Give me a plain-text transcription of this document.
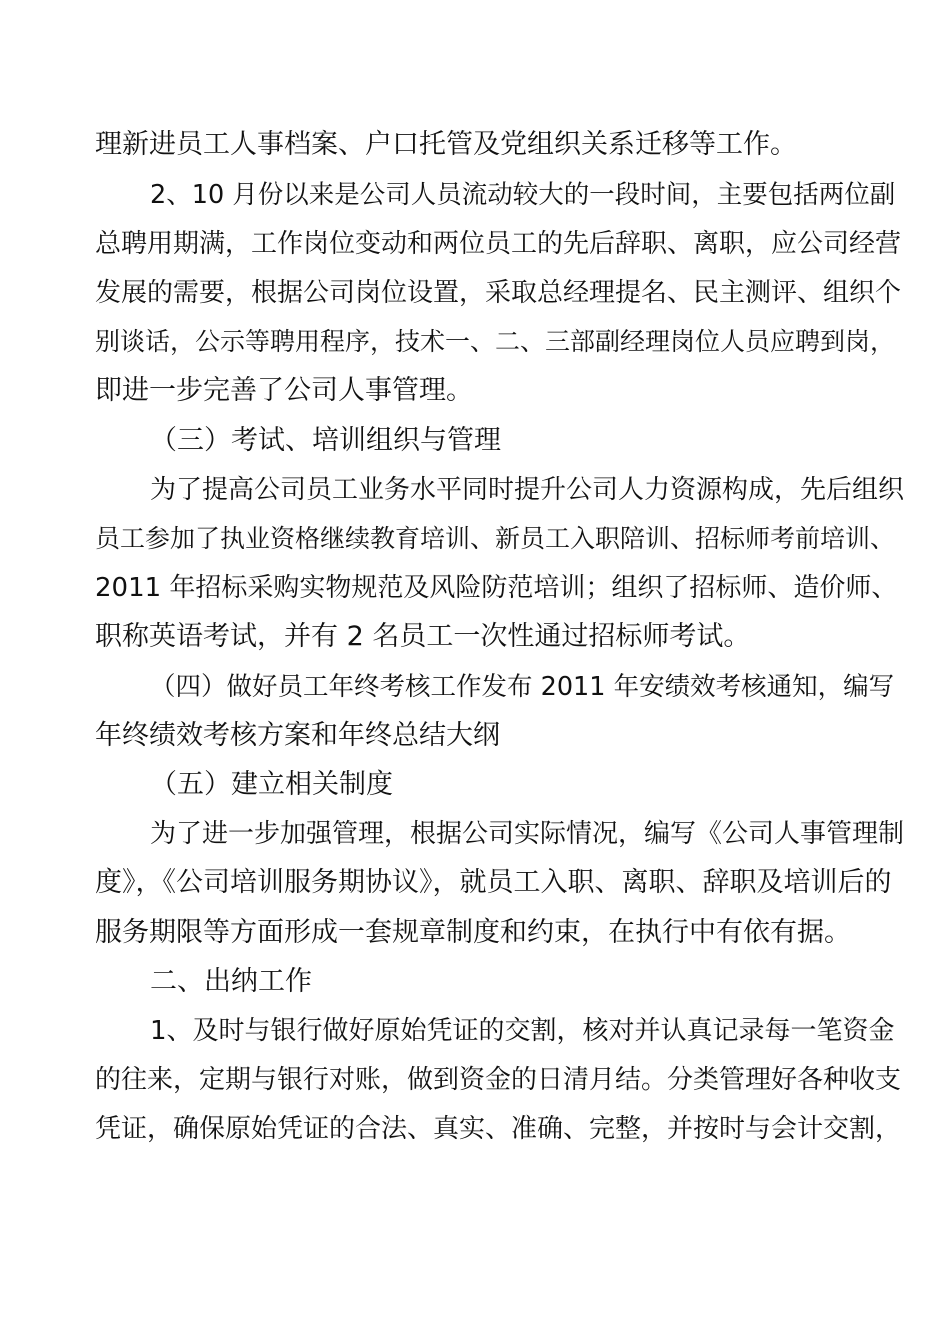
理新进员工人事档案、户口托管及党组织关系迁移等工作。
2、10 月份以来是公司人员流动较大的一段时间，主要包括两位副
总聘用期满，工作岗位变动和两位员工的先后辞职、离职，应公司经营
发展的需要，根据公司岗位设置，采取总经理提名、民主测评、组织个
别谈话，公示等聘用程序，技术一、二、三部副经理岗位人员应聘到岗，
即进一步完善了公司人事管理。
（三）考试、培训组织与管理
为了提高公司员工业务水平同时提升公司人力资源构成，先后组织
员工参加了执业资格继续教育培训、新员工入职陪训、招标师考前培训、
2011 年招标采购实物规范及风险防范培训；组织了招标师、造价师、
职称英语考试，并有 2 名员工一次性通过招标师考试。
（四）做好员工年终考核工作发布 2011 年安绩效考核通知，编写
年终绩效考核方案和年终总结大纲
（五）建立相关制度
为了进一步加强管理，根据公司实际情况，编写《公司人事管理制
度》，《公司培训服务期协议》，就员工入职、离职、辞职及培训后的
服务期限等方面形成一套规章制度和约束，在执行中有依有据。
二、出纳工作
1、及时与银行做好原始凭证的交割，核对并认真记录每一笔资金
的往来，定期与银行对账，做到资金的日清月结。分类管理好各种收支
凭证，确保原始凭证的合法、真实、准确、完整，并按时与会计交割，
